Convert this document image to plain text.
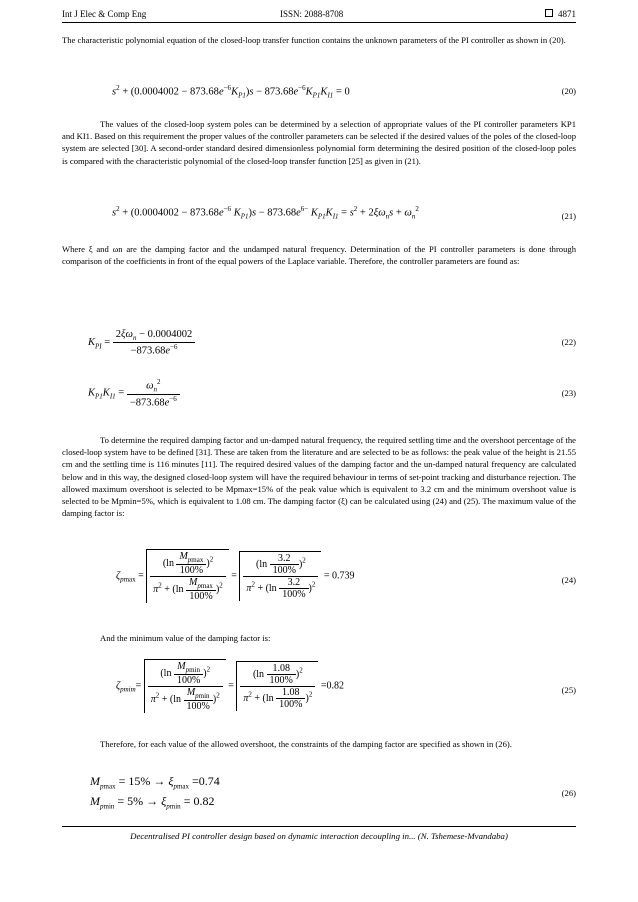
Int J Elec & Comp Eng	ISSN: 2088-8708	4871
The characteristic polynomial equation of the closed-loop transfer function contains the unknown parameters of the PI controller as shown in (20).
$s^2 + (0.0004002 - 873.68e^{-6}K_{P1})s - 873.68e^{-6}K_{P1}K_{I1} = 0$	(20)
The values of the closed-loop system poles can be determined by a selection of appropriate values of the PI controller parameters KP1 and KI1. Based on this requirement the proper values of the controller parameters can be selected if the desired values of the poles of the closed-loop system are selected [30]. A second-order standard desired dimensionless polynomial form determining the desired position of the closed-loop poles is compared with the characteristic polynomial of the closed-loop transfer function [25] as given in (21).
$s^2 + (0.0004002 - 873.68e^{-6}$ $K_{P1})s - 873.68e^{6-}$ $K_{P1}K_{I1} = s^2 + 2\xi\omega_ns + \omega_n^2$
(21)
Where ξ and ωn are the damping factor and the undamped natural frequency. Determination of the PI controller parameters is done through comparison of the coefficients in front of the equal powers of the Laplace variable. Therefore, the controller parameters are found as:
$K_{PI} = \frac{2\xi\omega_n - 0.0004002}{-873.68e^{-6}}$	(22)
$K_{P1}K_{I1} = \frac{\omega_n^2}{-873.68e^{-6}}$	(23)
To determine the required damping factor and un-damped natural frequency, the required settling time and the overshoot percentage of the closed-loop system have to be defined [31]. These are taken from the literature and are selected to be as follows: the peak value of the height is 21.55 cm and the settling time is 116 minutes [11]. The required desired values of the damping factor and the un-damped natural frequency are calculated below and in this way, the designed closed-loop system will have the required behaviour in terms of set-point tracking and disturbance rejection. The allowed maximum overshoot is selected to be Mpmax=15% of the peak value which is equivalent to 3.2 cm and the minimum overshoot value is selected to be Mpmin=5%, which is equivalent to 1.08 cm. The damping factor (ξ) can be calculated using (24) and (25). The maximum value of the damping factor is:
$\zeta_{pmax} = \frac{(\ln \frac{M_{pmax}}{100\%} )^2}{\pi^2 + (\ln \frac{M_{pmax}}{100\%} )^2} = \frac{(\ln \frac{3.2}{100\%} )^2}{\pi^2 + (\ln \frac{3.2}{100\%} )^2} = 0.739$	(24)
And the minimum value of the damping factor is:
$\zeta_{pmim}= \frac{(\ln \frac{M_{pmin}}{100\%} )^2}{\pi^2 + (\ln \frac{M_{pmin}}{100\%} )^2} = \frac{(\ln \frac{1.08}{100\%} )^2}{\pi^2 + (\ln \frac{1.08}{100\%} )^2} =0.82$	(25)
Therefore, for each value of the allowed overshoot, the constraints of the damping factor are specified as shown in (26).
$M_{pmax} = 15\% \to \xi_{pmax} =0.74$
$M_{pmin} = 5\% \to \xi_{pmin} = 0.82$
(26)
Decentralised PI controller design based on dynamic interaction decoupling in... (N. Tshemese-Mvandaba)
